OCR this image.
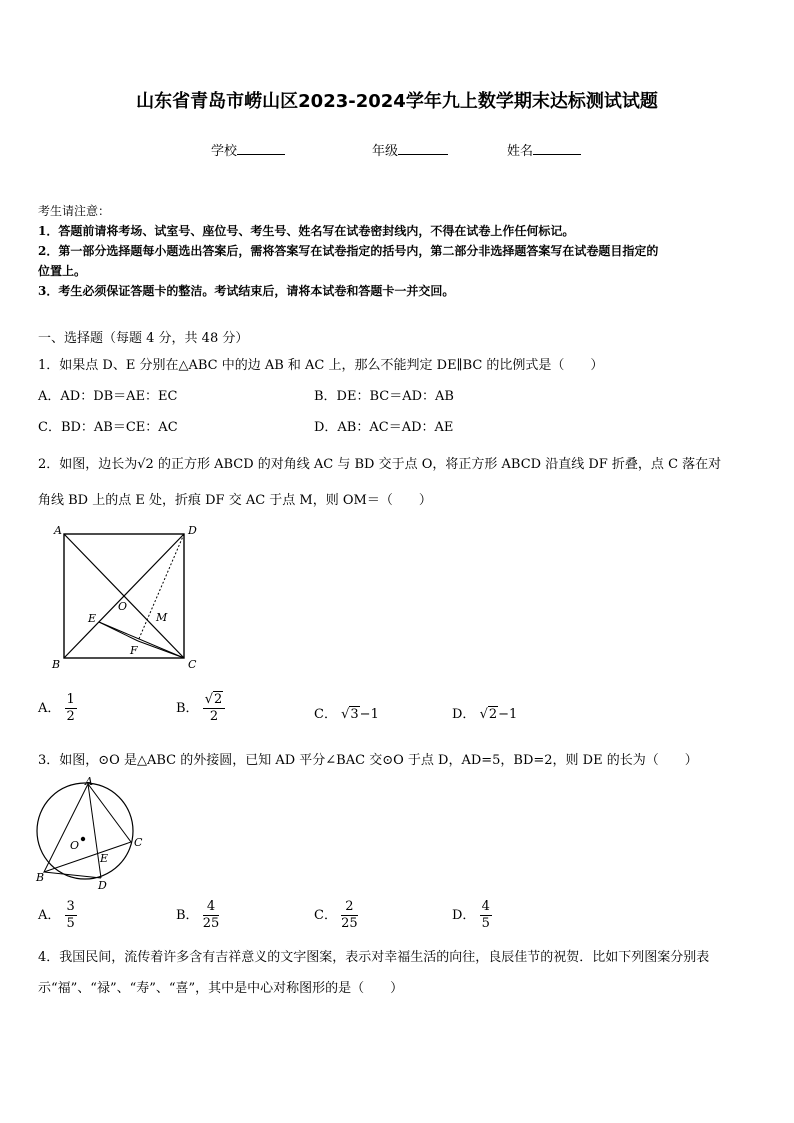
山东省青岛市崂山区2023-2024学年九上数学期末达标测试试题
学校	年级	姓名

考生请注意：

1．答题前请将考场、试室号、座位号、考生号、姓名写在试卷密封线内，不得在试卷上作任何标记。

2．第一部分选择题每小题选出答案后，需将答案写在试卷指定的括号内，第二部分非选择题答案写在试卷题目指定的

位置上。

3．考生必须保证答题卡的整洁。考试结束后，请将本试卷和答题卡一并交回。

一、选择题（每题 4 分，共 48 分）
1．如果点 D、E 分别在△ABC 中的边 AB 和 AC 上，那么不能判定 DE∥BC 的比例式是（　　）
A．AD：DB＝AE：EC	B．DE：BC＝AD：AB
C．BD：AB＝CE：AC	D．AB：AC＝AD：AE
2．如图，边长为√2 的正方形 ABCD 的对角线 AC 与 BD 交于点 O，将正方形 ABCD 沿直线 DF 折叠，点 C 落在对
角线 BD 上的点 E 处，折痕 DF 交 AC 于点 M，则 OM＝（　　）
A	D
O
E	M
F
B	C
A． $\frac{1}{2}$	B． $\frac{√2}{2}$	C． √3−1	D． √2−1
3．如图，⊙O 是△ABC 的外接圆，已知 AD 平分∠BAC 交⊙O 于点 D，AD=5，BD=2，则 DE 的长为（　　）
A
O	C
E
B
D
A． $\frac{3}{5}$	B． $\frac{4}{25}$	C． $\frac{2}{25}$	D． $\frac{4}{5}$
4．我国民间，流传着许多含有吉祥意义的文字图案，表示对幸福生活的向往，良辰佳节的祝贺．比如下列图案分别表
示“福”、“禄”、“寿”、“喜”，其中是中心对称图形的是（　　）
